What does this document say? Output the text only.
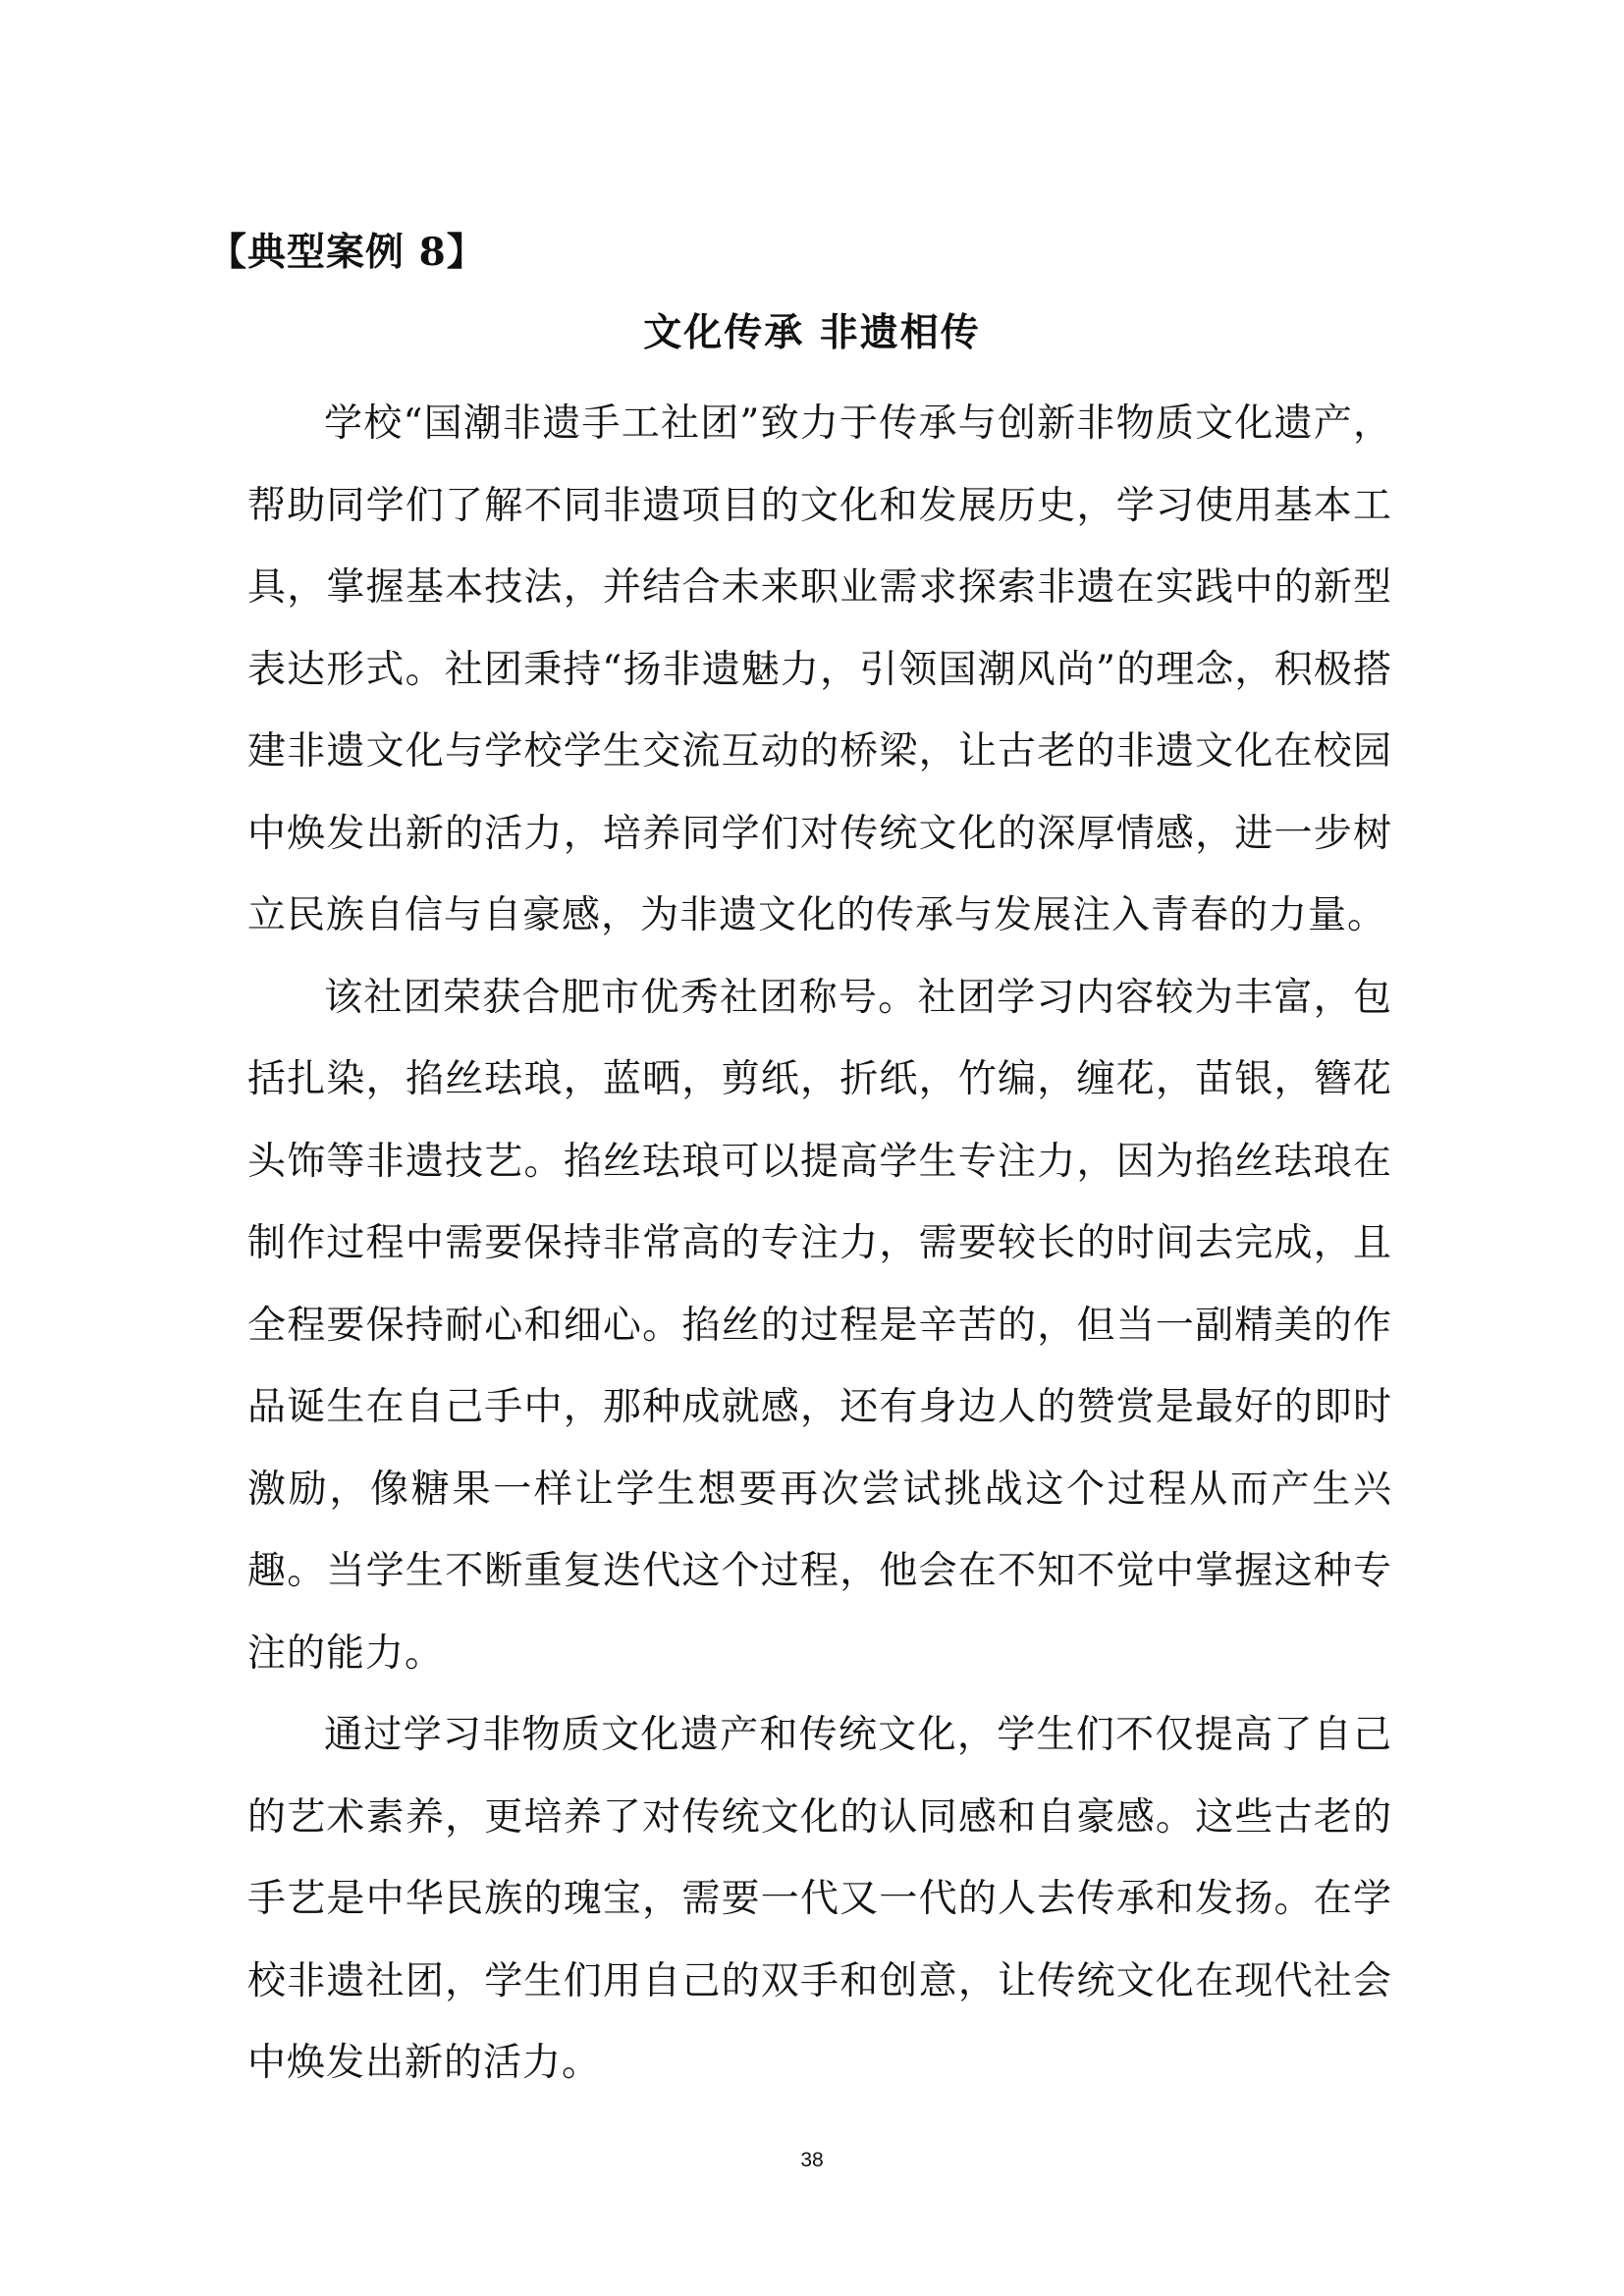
【典型案例 8】

文化传承 非遗相传

学校“国潮非遗手工社团”致力于传承与创新非物质文化遗产，帮助同学们了解不同非遗项目的文化和发展历史，学习使用基本工具，掌握基本技法，并结合未来职业需求探索非遗在实践中的新型表达形式。社团秉持“扬非遗魅力，引领国潮风尚”的理念，积极搭建非遗文化与学校学生交流互动的桥梁，让古老的非遗文化在校园中焕发出新的活力，培养同学们对传统文化的深厚情感，进一步树立民族自信与自豪感，为非遗文化的传承与发展注入青春的力量。

该社团荣获合肥市优秀社团称号。社团学习内容较为丰富，包括扎染，掐丝珐琅，蓝晒，剪纸，折纸，竹编，缠花，苗银，簪花头饰等非遗技艺。掐丝珐琅可以提高学生专注力，因为掐丝珐琅在制作过程中需要保持非常高的专注力，需要较长的时间去完成，且全程要保持耐心和细心。掐丝的过程是辛苦的，但当一副精美的作品诞生在自己手中，那种成就感，还有身边人的赞赏是最好的即时激励，像糖果一样让学生想要再次尝试挑战这个过程从而产生兴趣。当学生不断重复迭代这个过程，他会在不知不觉中掌握这种专注的能力。

通过学习非物质文化遗产和传统文化，学生们不仅提高了自己的艺术素养，更培养了对传统文化的认同感和自豪感。这些古老的手艺是中华民族的瑰宝，需要一代又一代的人去传承和发扬。在学校非遗社团，学生们用自己的双手和创意，让传统文化在现代社会中焕发出新的活力。

38
